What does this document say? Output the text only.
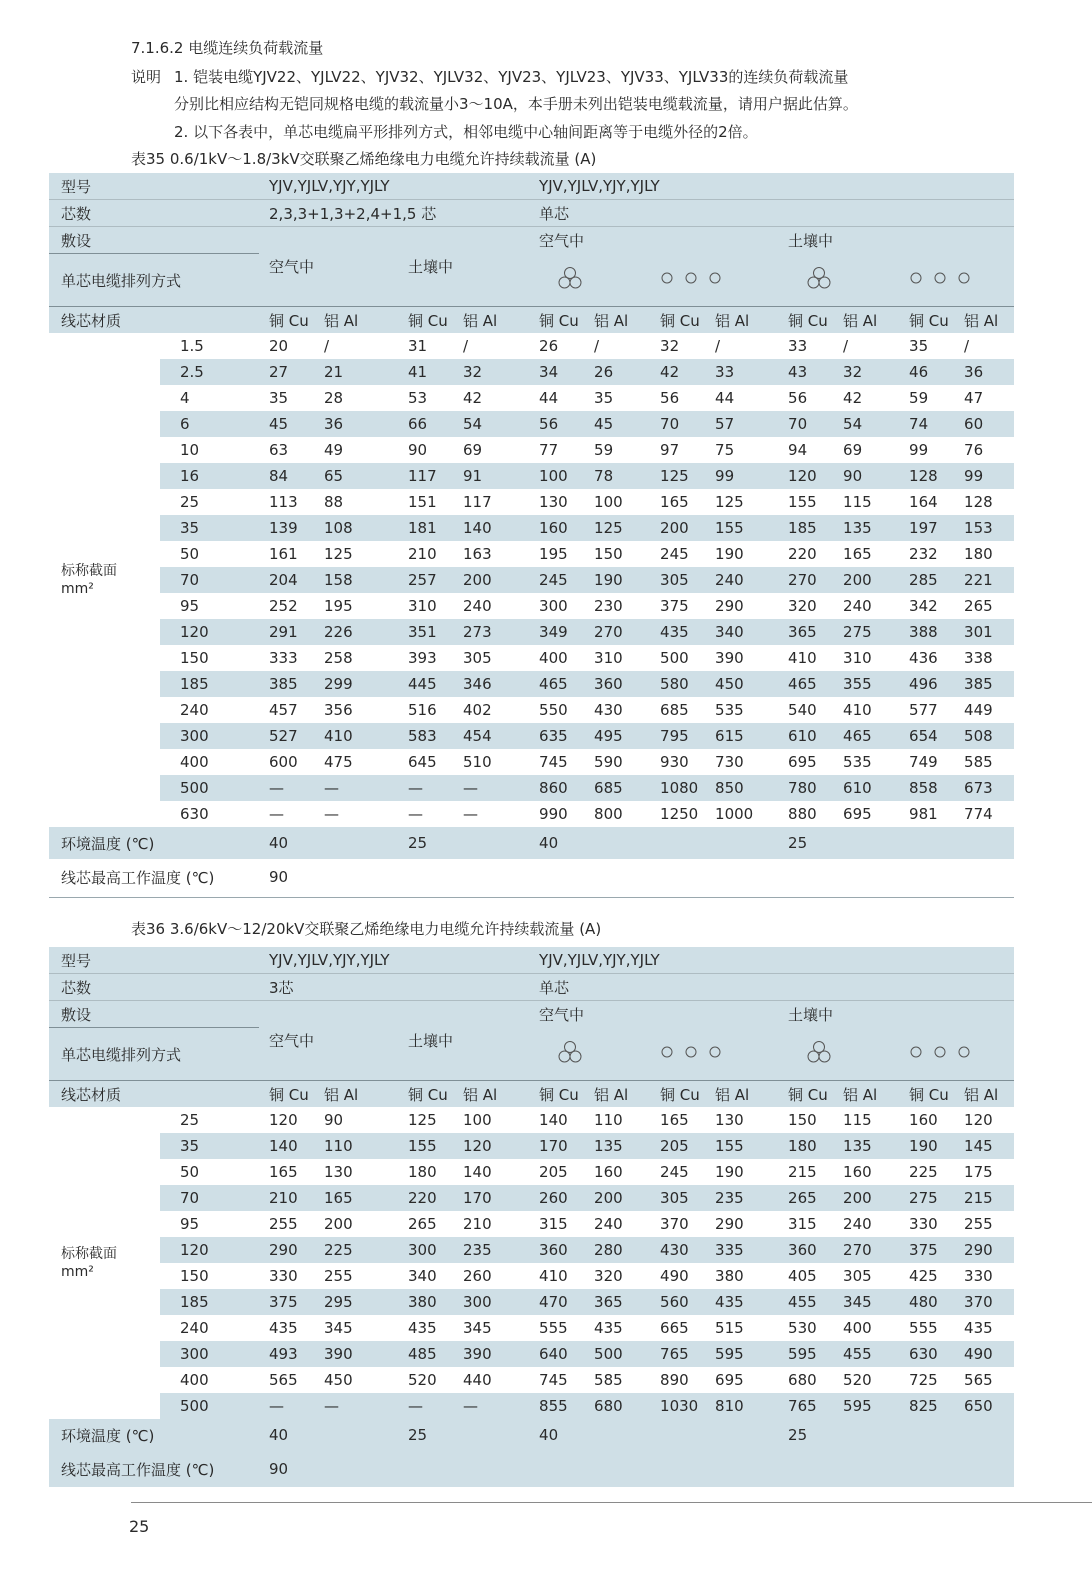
7.1.6.2 电缆连续负荷载流量
说明 1. 铠装电缆YJV22、YJLV22、YJV32、YJLV32、YJV23、YJLV23、YJV33、YJLV33的连续负荷载流量
分别比相应结构无铠同规格电缆的载流量小3～10A，本手册未列出铠装电缆载流量，请用户据此估算。
2. 以下各表中，单芯电缆扁平形排列方式，相邻电缆中心轴间距离等于电缆外径的2倍。
表35 0.6/1kV～1.8/3kV交联聚乙烯绝缘电力电缆允许持续载流量 (A)
型号		YJV,YJLV,YJY,YJLY				YJV,YJLV,YJY,YJLY							
芯数		2,3,3+1,3+2,4+1,5 芯				单芯							
敷设		空气中		土壤中		空气中				土壤中			
单芯电缆排列方式				
线芯材质		铜 Cu	铝 Al	铜 Cu	铝 Al	铜 Cu	铝 Al	铜 Cu	铝 Al	铜 Cu	铝 Al	铜 Cu	铝 Al
标称截面
mm²	1.5	20	/	31	/	26	/	32	/	33	/	35	/
	2.5	27	21	41	32	34	26	42	33	43	32	46	36
	4	35	28	53	42	44	35	56	44	56	42	59	47
	6	45	36	66	54	56	45	70	57	70	54	74	60
	10	63	49	90	69	77	59	97	75	94	69	99	76
	16	84	65	117	91	100	78	125	99	120	90	128	99
	25	113	88	151	117	130	100	165	125	155	115	164	128
	35	139	108	181	140	160	125	200	155	185	135	197	153
	50	161	125	210	163	195	150	245	190	220	165	232	180
	70	204	158	257	200	245	190	305	240	270	200	285	221
	95	252	195	310	240	300	230	375	290	320	240	342	265
	120	291	226	351	273	349	270	435	340	365	275	388	301
	150	333	258	393	305	400	310	500	390	410	310	436	338
	185	385	299	445	346	465	360	580	450	465	355	496	385
	240	457	356	516	402	550	430	685	535	540	410	577	449
	300	527	410	583	454	635	495	795	615	610	465	654	508
	400	600	475	645	510	745	590	930	730	695	535	749	585
	500	—	—	—	—	860	685	1080	850	780	610	858	673
	630	—	—	—	—	990	800	1250	1000	880	695	981	774
环境温度 (℃)		40		25		40				25			
线芯最高工作温度 (℃)		90											
表36 3.6/6kV～12/20kV交联聚乙烯绝缘电力电缆允许持续载流量 (A)
型号		YJV,YJLV,YJY,YJLY				YJV,YJLV,YJY,YJLY							
芯数		3芯				单芯							
敷设		空气中		土壤中		空气中				土壤中			
单芯电缆排列方式				
线芯材质		铜 Cu	铝 Al	铜 Cu	铝 Al	铜 Cu	铝 Al	铜 Cu	铝 Al	铜 Cu	铝 Al	铜 Cu	铝 Al
标称截面
mm²	25	120	90	125	100	140	110	165	130	150	115	160	120
	35	140	110	155	120	170	135	205	155	180	135	190	145
	50	165	130	180	140	205	160	245	190	215	160	225	175
	70	210	165	220	170	260	200	305	235	265	200	275	215
	95	255	200	265	210	315	240	370	290	315	240	330	255
	120	290	225	300	235	360	280	430	335	360	270	375	290
	150	330	255	340	260	410	320	490	380	405	305	425	330
	185	375	295	380	300	470	365	560	435	455	345	480	370
	240	435	345	435	345	555	435	665	515	530	400	555	435
	300	493	390	485	390	640	500	765	595	595	455	630	490
	400	565	450	520	440	745	585	890	695	680	520	725	565
	500	—	—	—	—	855	680	1030	810	765	595	825	650
环境温度 (℃)		40		25		40				25			
线芯最高工作温度 (℃)		90											
25
